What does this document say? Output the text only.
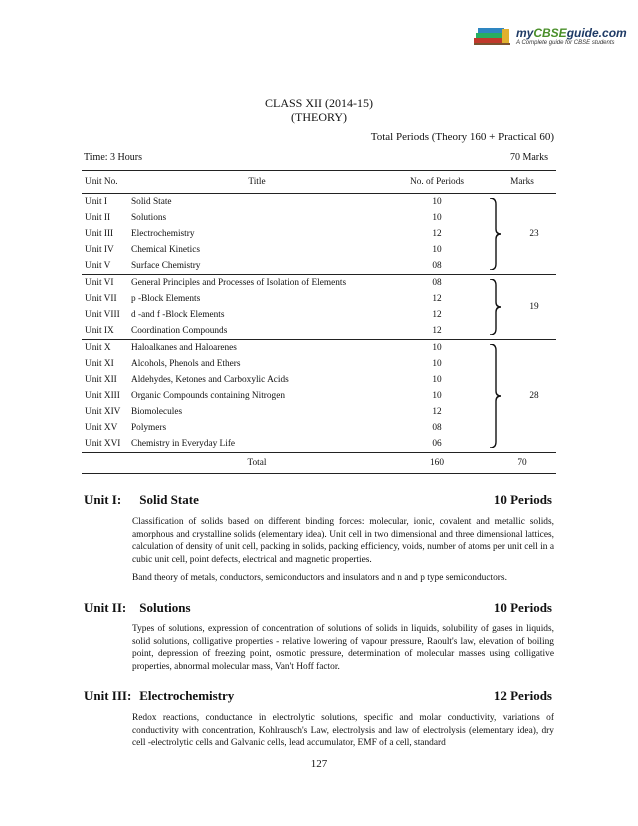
myCBSEguide.com
A Complete guide for CBSE students
CLASS XII (2014-15)
(THEORY)
Total Periods (Theory 160 + Practical 60)
Time: 3 Hours	70 Marks
Unit No.	Title	No. of Periods	Marks
Unit I	Solid State	10	23
Unit II	Solutions	10	
Unit III	Electrochemistry	12	
Unit IV	Chemical Kinetics	10	
Unit V	Surface Chemistry	08	
Unit VI	General Principles and Processes of Isolation of Elements	08	19
Unit VII	p -Block Elements	12	
Unit VIII	d -and f -Block Elements	12	
Unit IX	Coordination Compounds	12	
Unit X	Haloalkanes and Haloarenes	10	28
Unit XI	Alcohols, Phenols and Ethers	10	
Unit XII	Aldehydes, Ketones and Carboxylic Acids	10	
Unit XIII	Organic Compounds containing Nitrogen	10	
Unit XIV	Biomolecules	12	
Unit XV	Polymers	08	
Unit XVI	Chemistry in Everyday Life	06	
	Total	160	70
Unit I: Solid State	10 Periods

Classification of solids based on different binding forces: molecular, ionic, covalent and metallic solids, amorphous and crystalline solids (elementary idea). Unit cell in two dimensional and three dimensional lattices, calculation of density of unit cell, packing in solids, packing efficiency, voids, number of atoms per unit cell in a cubic unit cell, point defects, electrical and magnetic properties.

Band theory of metals, conductors, semiconductors and insulators and n and p type semiconductors.

Unit II: Solutions	10 Periods

Types of solutions, expression of concentration of solutions of solids in liquids, solubility of gases in liquids, solid solutions, colligative properties - relative lowering of vapour pressure, Raoult's law, elevation of boiling point, depression of freezing point, osmotic pressure, determination of molecular masses using colligative properties, abnormal molecular mass, Van't Hoff factor.

Unit III: Electrochemistry	12 Periods

Redox reactions, conductance in electrolytic solutions, specific and molar conductivity, variations of conductivity with concentration, Kohlrausch's Law, electrolysis and law of electrolysis (elementary idea), dry cell -electrolytic cells and Galvanic cells, lead accumulator, EMF of a cell, standard

127
